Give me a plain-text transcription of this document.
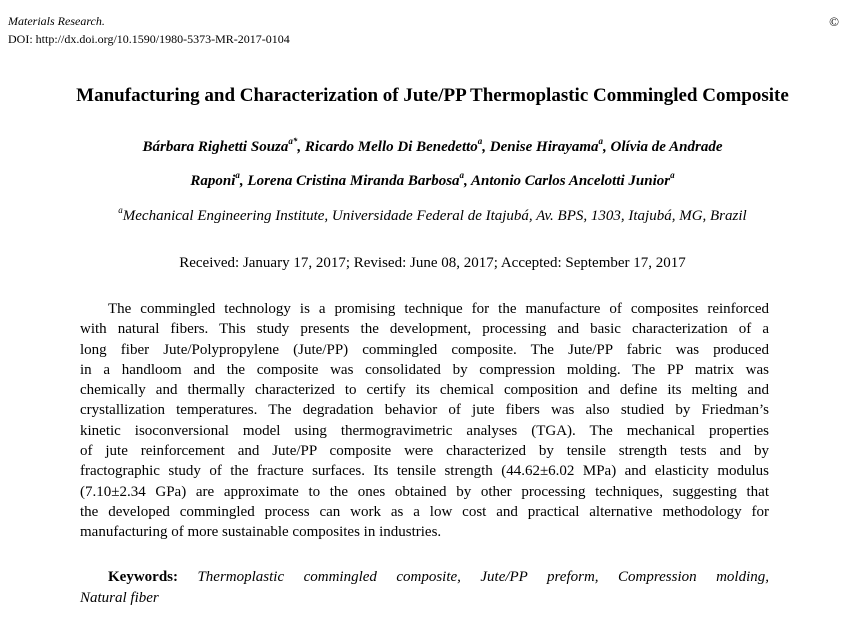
Materials Research.
DOI: http://dx.doi.org/10.1590/1980-5373-MR-2017-0104
©
Manufacturing and Characterization of Jute/PP Thermoplastic Commingled Composite
Bárbara Righetti Souza$^{a*}$, Ricardo Mello Di Benedetto$^a$, Denise Hirayama$^a$, Olívia de Andrade
Raponi$^a$, Lorena Cristina Miranda Barbosa$^a$, Antonio Carlos Ancelotti Junior$^a$
$^a$Mechanical Engineering Institute, Universidade Federal de Itajubá, Av. BPS, 1303, Itajubá, MG, Brazil
Received: January 17, 2017; Revised: June 08, 2017; Accepted: September 17, 2017
The commingled technology is a promising technique for the manufacture of composites reinforced
with natural fibers. This study presents the development, processing and basic characterization of a
long fiber Jute/Polypropylene (Jute/PP) commingled composite. The Jute/PP fabric was produced
in a handloom and the composite was consolidated by compression molding. The PP matrix was
chemically and thermally characterized to certify its chemical composition and define its melting and
crystallization temperatures. The degradation behavior of jute fibers was also studied by Friedman’s
kinetic isoconversional model using thermogravimetric analyses (TGA). The mechanical properties
of jute reinforcement and Jute/PP composite were characterized by tensile strength tests and by
fractographic study of the fracture surfaces. Its tensile strength (44.62±6.02 MPa) and elasticity modulus
(7.10±2.34 GPa) are approximate to the ones obtained by other processing techniques, suggesting that
the developed commingled process can work as a low cost and practical alternative methodology for
manufacturing of more sustainable composites in industries.
Keywords: Thermoplastic commingled composite, Jute/PP preform, Compression molding,
Natural fiber
